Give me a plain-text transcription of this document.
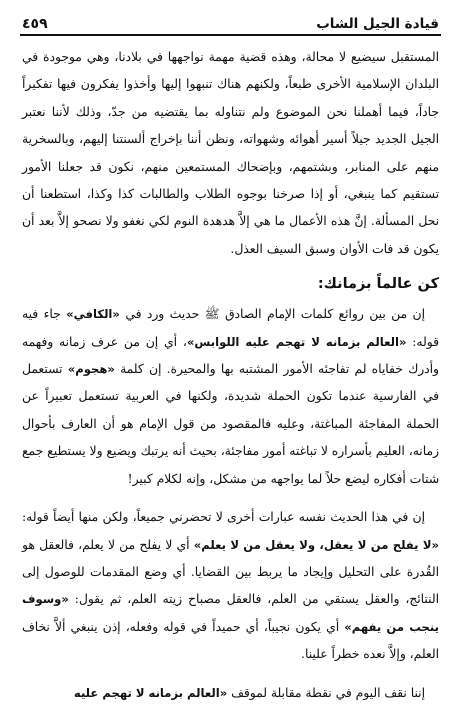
قيادة الجيل الشاب
٤٥٩

المستقبل سيضيع لا محالة، وهذه قضية مهمة نواجهها في بلادنا، وهي موجودة في البلدان الإسلامية الأخرى طبعاً، ولكنهم هناك تنبهوا إليها وأخذوا يفكرون فيها تفكيراً جاداً، فيما أهملنا نحن الموضوع ولم نتناوله بما يقتضيه من جدّ، وذلك لأننا نعتبر الجيل الجديد جيلاً أسير أهوائه وشهواته، ونظن أننا بإخراج ألسنتنا إليهم، وبالسخرية منهم على المنابر، وبشتمهم، وبإضحاك المستمعين منهم، نكون قد جعلنا الأمور تستقيم كما ينبغي، أو إذا صرخنا بوجوه الطلاب والطالبات كذا وكذا، استطعنا أن نحل المسألة. إنَّ هذه الأعمال ما هي إلاَّ هدهدة النوم لكي نغفو ولا نصحو إلاَّ بعد أن يكون قد فات الأوان وسبق السيف العذل.

كن عالماً بزمانك:

إن من بين روائع كلمات الإمام الصادق ﷺ حديث ورد في «الكافي» جاء فيه قوله: «العالم بزمانه لا تهجم عليه اللوابس»، أي إن من عرف زمانه وفهمه وأدرك خفاياه لم تفاجئه الأمور المشتبه بها والمحيرة. إن كلمة «هجوم» تستعمل في الفارسية عندما تكون الحملة شديدة، ولكنها في العربية تستعمل تعبيراً عن الحملة المفاجئة المباغتة، وعليه فالمقصود من قول الإمام هو أن العارف بأحوال زمانه، العليم بأسراره لا تباغته أمور مفاجئة، بحيث أنه يرتبك ويضيع ولا يستطيع جمع شتات أفكاره ليضع حلاً لما يواجهه من مشكل، وإنه لكلام كبير!

إن في هذا الحديث نفسه عبارات أخرى لا تحضرني جميعاً، ولكن منها أيضاً قوله: «لا يفلح من لا يعقل، ولا يعقل من لا يعلم» أي لا يفلح من لا يعلم، فالعقل هو القُدرة على التحليل وإيجاد ما يربط بين القضايا. أي وضع المقدمات للوصول إلى النتائج، والعقل يستقي من العلم، فالعقل مصباح زيته العلم، ثم يقول: «وسوف ينجب من يفهم» أي يكون نجيباً، أي حميداً في قوله وفعله، إذن ينبغي ألاَّ نخاف العلم، وإلاَّ نعده خطراً علينا.

إننا نقف اليوم في نقطة مقابلة لموقف «العالم بزمانه لا تهجم عليه
